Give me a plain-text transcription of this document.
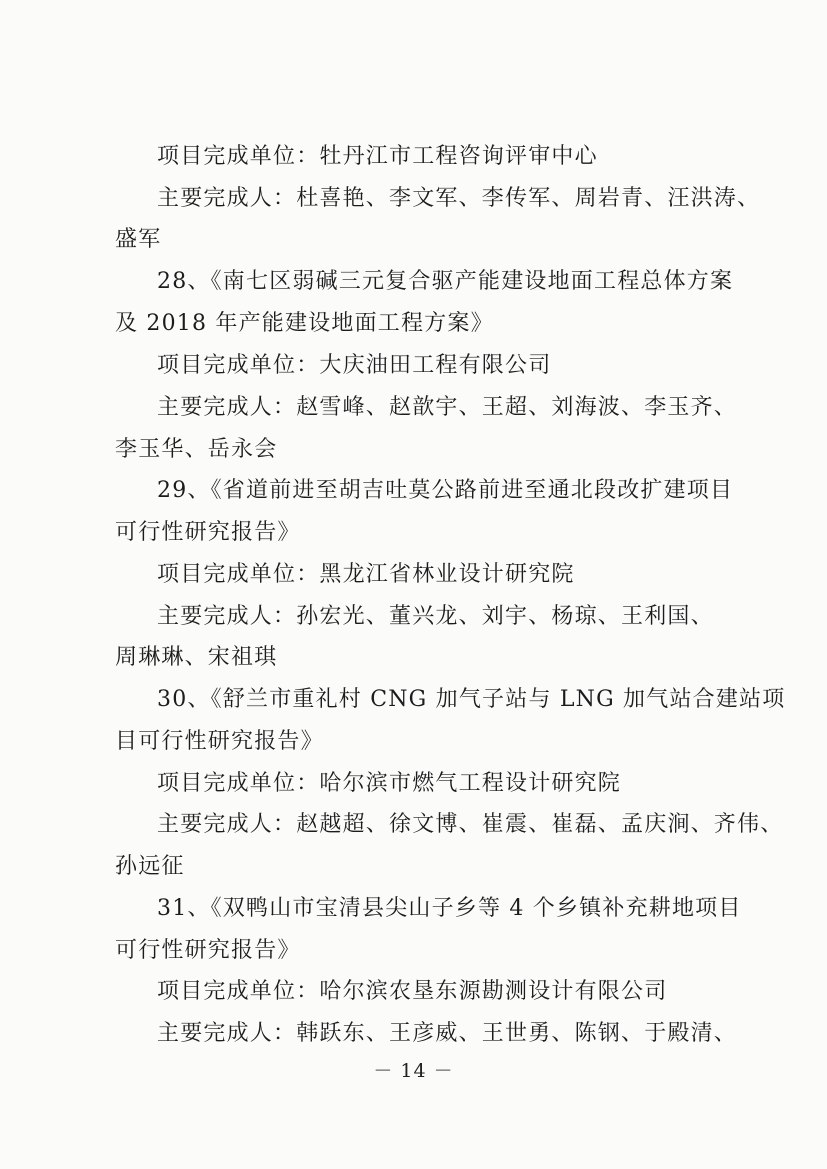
项目完成单位：牡丹江市工程咨询评审中心
主要完成人：杜喜艳、李文军、李传军、周岩青、汪洪涛、
盛军
28、《南七区弱碱三元复合驱产能建设地面工程总体方案
及 2018 年产能建设地面工程方案》
项目完成单位：大庆油田工程有限公司
主要完成人：赵雪峰、赵歆宇、王超、刘海波、李玉齐、
李玉华、岳永会
29、《省道前进至胡吉吐莫公路前进至通北段改扩建项目
可行性研究报告》
项目完成单位：黑龙江省林业设计研究院
主要完成人：孙宏光、董兴龙、刘宇、杨琼、王利国、
周琳琳、宋祖琪
30、《舒兰市重礼村 CNG 加气子站与 LNG 加气站合建站项
目可行性研究报告》
项目完成单位：哈尔滨市燃气工程设计研究院
主要完成人：赵越超、徐文博、崔震、崔磊、孟庆涧、齐伟、
孙远征
31、《双鸭山市宝清县尖山子乡等 4 个乡镇补充耕地项目
可行性研究报告》
项目完成单位：哈尔滨农垦东源勘测设计有限公司
主要完成人：韩跃东、王彦威、王世勇、陈钢、于殿清、
－ 14 －
